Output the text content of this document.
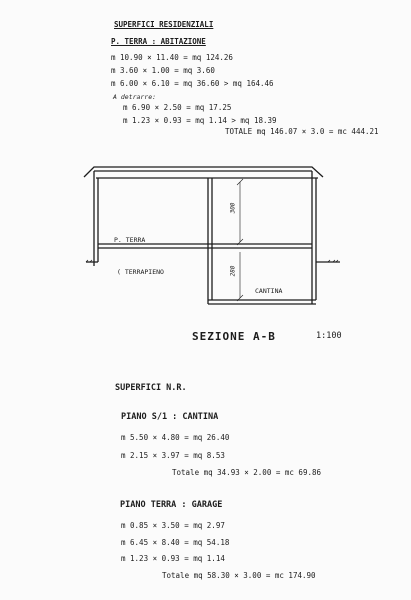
SUPERFICI RESIDENZIALI
P. TERRA : ABITAZIONE
m 10.90 × 11.40 = mq 124.26
m 3.60 × 1.00 = mq 3.60
m 6.00 × 6.10 = mq 36.60 > mq 164.46
A detrarre:
m 6.90 × 2.50 = mq 17.25
m 1.23 × 0.93 = mq 1.14 > mq 18.39
TOTALE mq 146.07 × 3.0 = mc 444.21
300
280
P. TERRA
( TERRAPIENO
CANTINA
SEZIONE A-B	1:100
SUPERFICI N.R.
PIANO S/1 : CANTINA
m 5.50 × 4.80 = mq 26.40
m 2.15 × 3.97 = mq 8.53
Totale mq 34.93 × 2.00 = mc 69.86
PIANO TERRA : GARAGE
m 0.85 × 3.50 = mq 2.97
m 6.45 × 8.40 = mq 54.18
m 1.23 × 0.93 = mq 1.14
Totale mq 58.30 × 3.00 = mc 174.90
